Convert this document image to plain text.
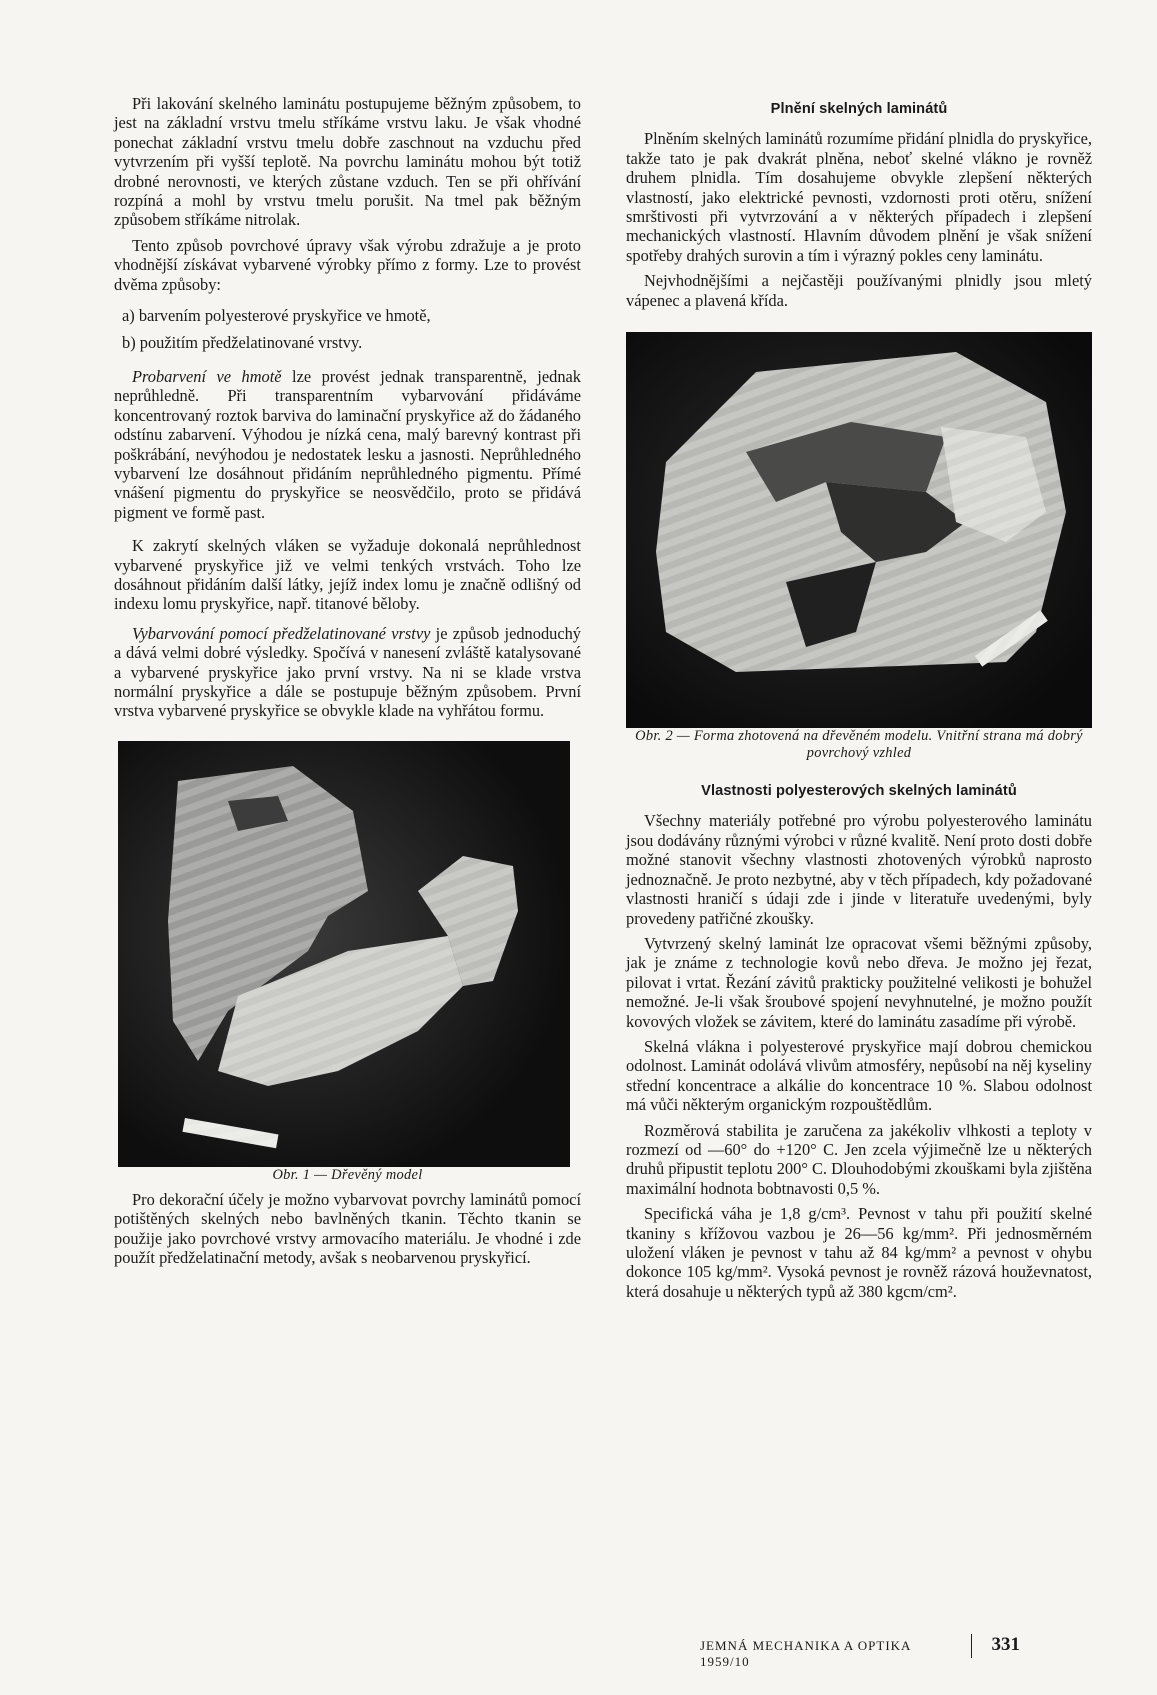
Při lakování skelného laminátu postupujeme běžným způsobem, to jest na základní vrstvu tmelu stříkáme vrstvu laku. Je však vhodné ponechat základní vrstvu tmelu dobře zaschnout na vzduchu před vytvrzením při vyšší teplotě. Na povrchu laminátu mohou být totiž drobné nerovnosti, ve kterých zůstane vzduch. Ten se při ohřívání rozpíná a mohl by vrstvu tmelu porušit. Na tmel pak běžným způsobem stříkáme nitrolak.

Tento způsob povrchové úpravy však výrobu zdražuje a je proto vhodnější získávat vybarvené výrobky přímo z formy. Lze to provést dvěma způsoby:

a) barvením polyesterové pryskyřice ve hmotě,

b) použitím předželatinované vrstvy.

Probarvení ve hmotě lze provést jednak transparentně, jednak neprůhledně. Při transparentním vybarvování přidáváme koncentrovaný roztok barviva do laminační pryskyřice až do žádaného odstínu zabarvení. Výhodou je nízká cena, malý barevný kontrast při poškrábání, nevýhodou je nedostatek lesku a jasnosti. Neprůhledného vybarvení lze dosáhnout přidáním neprůhledného pigmentu. Přímé vnášení pigmentu do pryskyřice se neosvědčilo, proto se přidává pigment ve formě past.

K zakrytí skelných vláken se vyžaduje dokonalá neprůhlednost vybarvené pryskyřice již ve velmi tenkých vrstvách. Toho lze dosáhnout přidáním další látky, jejíž index lomu je značně odlišný od indexu lomu pryskyřice, např. titanové běloby.

Vybarvování pomocí předželatinované vrstvy je způsob jednoduchý a dává velmi dobré výsledky. Spočívá v nanesení zvláště katalysované a vybarvené pryskyřice jako první vrstvy. Na ni se klade vrstva normální pryskyřice a dále se postupuje běžným způsobem. První vrstva vybarvené pryskyřice se obvykle klade na vyhřátou formu.

Obr. 1 — Dřevěný model

Pro dekorační účely je možno vybarvovat povrchy laminátů pomocí potištěných skelných nebo bavlněných tkanin. Těchto tkanin se použije jako povrchové vrstvy armovacího materiálu. Je vhodné i zde použít předželatinační metody, avšak s neobarvenou pryskyřicí.

Plnění skelných laminátů

Plněním skelných laminátů rozumíme přidání plnidla do pryskyřice, takže tato je pak dvakrát plněna, neboť skelné vlákno je rovněž druhem plnidla. Tím dosahujeme obvykle zlepšení některých vlastností, jako elektrické pevnosti, vzdornosti proti otěru, snížení smrštivosti při vytvrzování a v některých případech i zlepšení mechanických vlastností. Hlavním důvodem plnění je však snížení spotřeby drahých surovin a tím i výrazný pokles ceny laminátu.

Nejvhodnějšími a nejčastěji používanými plnidly jsou mletý vápenec a plavená křída.

Obr. 2 — Forma zhotovená na dřevěném modelu. Vnitřní strana má dobrý povrchový vzhled

Vlastnosti polyesterových skelných laminátů

Všechny materiály potřebné pro výrobu polyesterového laminátu jsou dodávány různými výrobci v různé kvalitě. Není proto dosti dobře možné stanovit všechny vlastnosti zhotovených výrobků naprosto jednoznačně. Je proto nezbytné, aby v těch případech, kdy požadované vlastnosti hraničí s údaji zde i jinde v literatuře uvedenými, byly provedeny patřičné zkoušky.

Vytvrzený skelný laminát lze opracovat všemi běžnými způsoby, jak je známe z technologie kovů nebo dřeva. Je možno jej řezat, pilovat i vrtat. Řezání závitů prakticky použitelné velikosti je bohužel nemožné. Je-li však šroubové spojení nevyhnutelné, je možno použít kovových vložek se závitem, které do laminátu zasadíme při výrobě.

Skelná vlákna i polyesterové pryskyřice mají dobrou chemickou odolnost. Laminát odolává vlivům atmosféry, nepůsobí na něj kyseliny střední koncentrace a alkálie do koncentrace 10 %. Slabou odolnost má vůči některým organickým rozpouštědlům.

Rozměrová stabilita je zaručena za jakékoliv vlhkosti a teploty v rozmezí od —60° do +120° C. Jen zcela výjimečně lze u některých druhů připustit teplotu 200° C. Dlouhodobými zkouškami byla zjištěna maximální hodnota bobtnavosti 0,5 %.

Specifická váha je 1,8 g/cm³. Pevnost v tahu při použití skelné tkaniny s křížovou vazbou je 26—56 kg/mm². Při jednosměrném uložení vláken je pevnost v tahu až 84 kg/mm² a pevnost v ohybu dokonce 105 kg/mm². Vysoká pevnost je rovněž rázová houževnatost, která dosahuje u některých typů až 380 kgcm/cm².

JEMNÁ MECHANIKA A OPTIKA 1959/10
331
